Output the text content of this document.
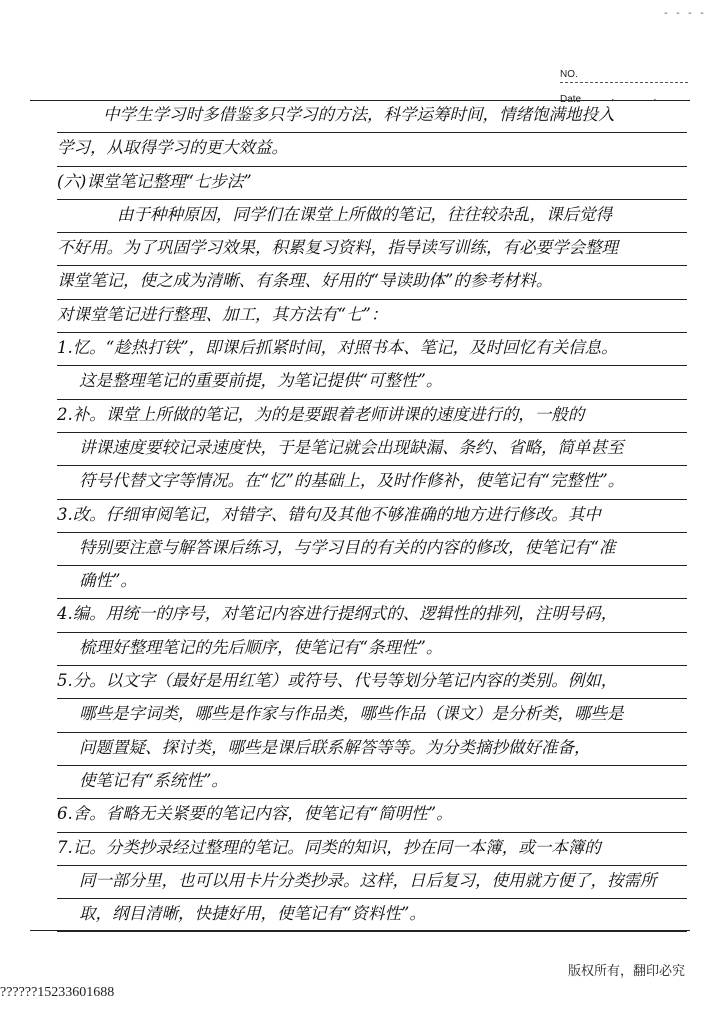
- - - -
NO.
Date	· ·
中学生学习时多借鉴多只学习的方法，科学运筹时间，情绪饱满地投入
学习，从取得学习的更大效益。
(六)课堂笔记整理“七步法”
由于种种原因，同学们在课堂上所做的笔记，往往较杂乱，课后觉得
不好用。为了巩固学习效果，积累复习资料，指导读写训练，有必要学会整理
课堂笔记，使之成为清晰、有条理、好用的“导读助体”的参考材料。
对课堂笔记进行整理、加工，其方法有“七”：
1.忆。“趁热打铁”，即课后抓紧时间，对照书本、笔记，及时回忆有关信息。
这是整理笔记的重要前提，为笔记提供“可整性”。
2.补。课堂上所做的笔记，为的是要跟着老师讲课的速度进行的，一般的
讲课速度要较记录速度快，于是笔记就会出现缺漏、条约、省略，简单甚至
符号代替文字等情况。在“忆”的基础上，及时作修补，使笔记有“完整性”。
3.改。仔细审阅笔记，对错字、错句及其他不够准确的地方进行修改。其中
特别要注意与解答课后练习，与学习目的有关的内容的修改，使笔记有“准
确性”。
4.编。用统一的序号，对笔记内容进行提纲式的、逻辑性的排列，注明号码，
梳理好整理笔记的先后顺序，使笔记有“条理性”。
5.分。以文字（最好是用红笔）或符号、代号等划分笔记内容的类别。例如，
哪些是字词类，哪些是作家与作品类，哪些作品（课文）是分析类，哪些是
问题置疑、探讨类，哪些是课后联系解答等等。为分类摘抄做好准备，
使笔记有“系统性”。
6.舍。省略无关紧要的笔记内容，使笔记有“简明性”。
7.记。分类抄录经过整理的笔记。同类的知识，抄在同一本簿，或一本簿的
同一部分里，也可以用卡片分类抄录。这样，日后复习，使用就方便了，按需所
取，纲目清晰，快捷好用，使笔记有“资料性”。
版权所有，翻印必究
??????15233601688
